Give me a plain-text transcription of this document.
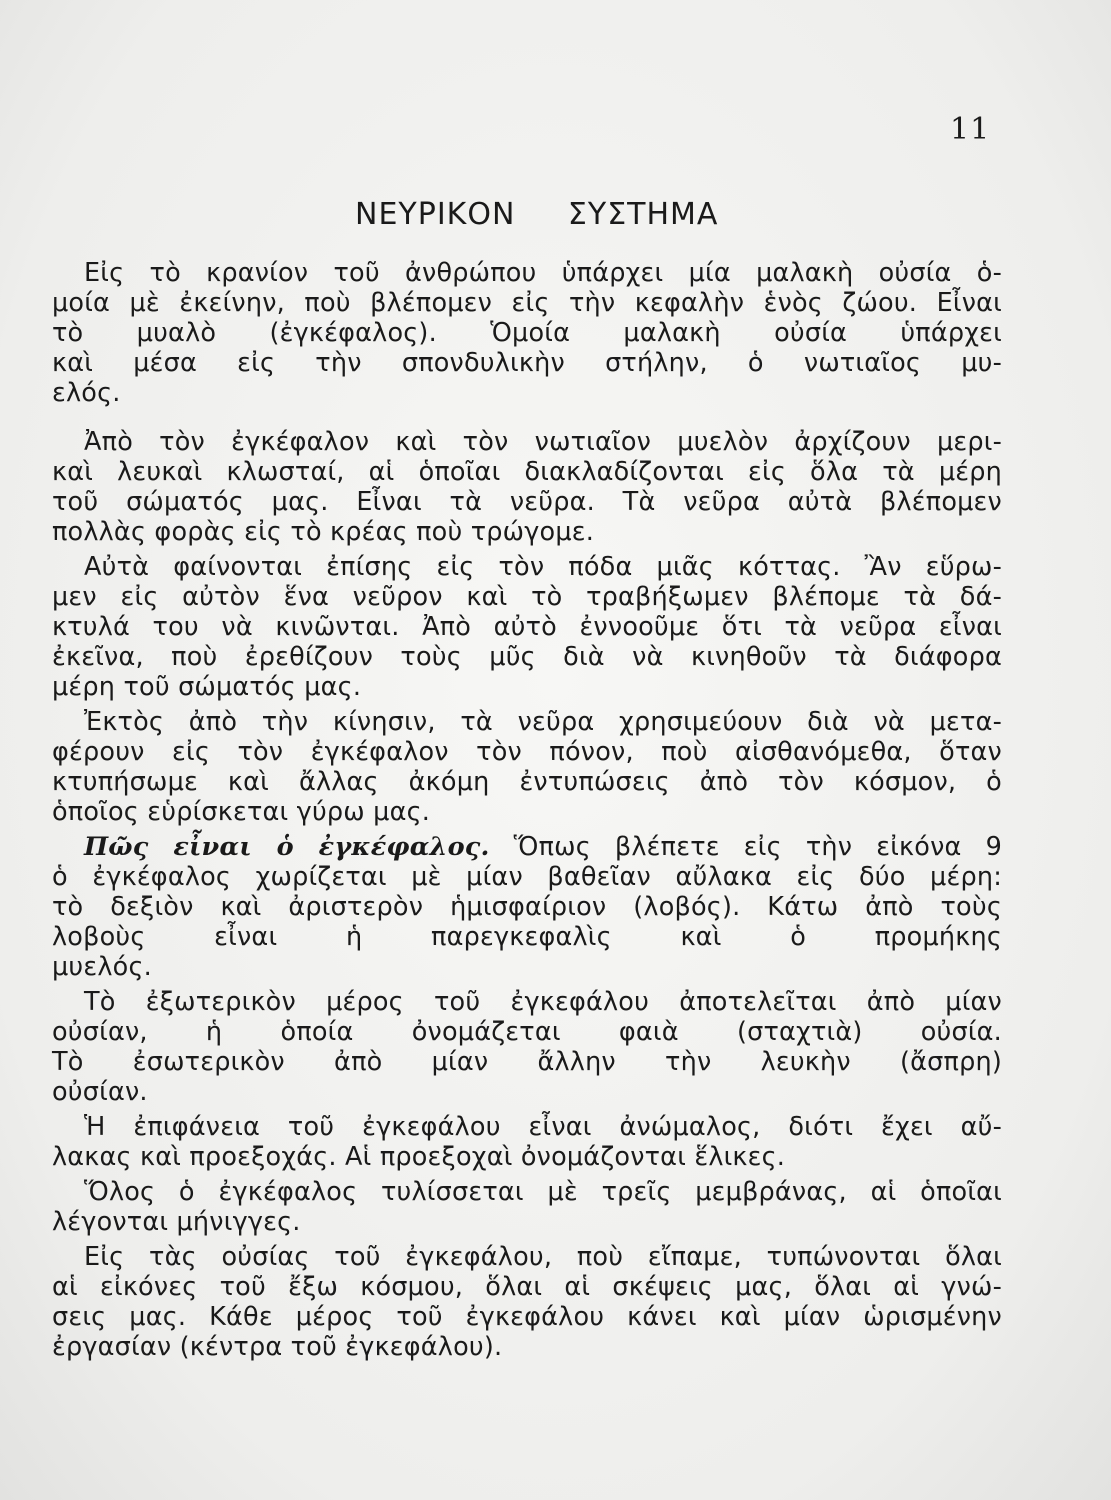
11
ΝΕΥΡΙΚΟΝ ΣΥΣΤΗΜΑ
Εἰς τὸ κρανίον τοῦ ἀνθρώπου ὑπάρχει μία μαλακὴ οὐσία ὁ-
μοία μὲ ἐκείνην, ποὺ βλέπομεν εἰς τὴν κεφαλὴν ἑνὸς ζώου. Εἶναι
τὸ μυαλὸ (ἐγκέφαλος). Ὁμοία μαλακὴ οὐσία ὑπάρχει
καὶ μέσα εἰς τὴν σπονδυλικὴν στήλην, ὁ νωτιαῖος μυ-
ελός.
Ἀπὸ τὸν ἐγκέφαλον καὶ τὸν νωτιαῖον μυελὸν ἀρχίζουν μερι-
καὶ λευκαὶ κλωσταί, αἱ ὁποῖαι διακλαδίζονται εἰς ὅλα τὰ μέρη
τοῦ σώματός μας. Εἶναι τὰ νεῦρα. Τὰ νεῦρα αὐτὰ βλέπομεν
πολλὰς φορὰς εἰς τὸ κρέας ποὺ τρώγομε.
Αὐτὰ φαίνονται ἐπίσης εἰς τὸν πόδα μιᾶς κόττας. Ἂν εὕρω-
μεν εἰς αὐτὸν ἕνα νεῦρον καὶ τὸ τραβήξωμεν βλέπομε τὰ δά-
κτυλά του νὰ κινῶνται. Ἀπὸ αὐτὸ ἐννοοῦμε ὅτι τὰ νεῦρα εἶναι
ἐκεῖνα, ποὺ ἐρεθίζουν τοὺς μῦς διὰ νὰ κινηθοῦν τὰ διάφορα
μέρη τοῦ σώματός μας.
Ἐκτὸς ἀπὸ τὴν κίνησιν, τὰ νεῦρα χρησιμεύουν διὰ νὰ μετα-
φέρουν εἰς τὸν ἐγκέφαλον τὸν πόνον, ποὺ αἰσθανόμεθα, ὅταν
κτυπήσωμε καὶ ἄλλας ἀκόμη ἐντυπώσεις ἀπὸ τὸν κόσμον, ὁ
ὁποῖος εὑρίσκεται γύρω μας.
Πῶς εἶναι ὁ ἐγκέφαλος. Ὅπως βλέπετε εἰς τὴν εἰκόνα 9
ὁ ἐγκέφαλος χωρίζεται μὲ μίαν βαθεῖαν αὔλακα εἰς δύο μέρη:
τὸ δεξιὸν καὶ ἀριστερὸν ἡμισφαίριον (λοβός). Κάτω ἀπὸ τοὺς
λοβοὺς εἶναι ἡ παρεγκεφαλὶς καὶ ὁ προμήκης
μυελός.
Τὸ ἐξωτερικὸν μέρος τοῦ ἐγκεφάλου ἀποτελεῖται ἀπὸ μίαν
οὐσίαν, ἡ ὁποία ὀνομάζεται φαιὰ (σταχτιὰ) οὐσία.
Τὸ ἐσωτερικὸν ἀπὸ μίαν ἄλλην τὴν λευκὴν (ἄσπρη)
οὐσίαν.
Ἡ ἐπιφάνεια τοῦ ἐγκεφάλου εἶναι ἀνώμαλος, διότι ἔχει αὔ-
λακας καὶ προεξοχάς. Αἱ προεξοχαὶ ὀνομάζονται ἕλικες.
Ὅλος ὁ ἐγκέφαλος τυλίσσεται μὲ τρεῖς μεμβράνας, αἱ ὁποῖαι
λέγονται μήνιγγες.
Εἰς τὰς οὐσίας τοῦ ἐγκεφάλου, ποὺ εἴπαμε, τυπώνονται ὅλαι
αἱ εἰκόνες τοῦ ἔξω κόσμου, ὅλαι αἱ σκέψεις μας, ὅλαι αἱ γνώ-
σεις μας. Κάθε μέρος τοῦ ἐγκεφάλου κάνει καὶ μίαν ὡρισμένην
ἐργασίαν (κέντρα τοῦ ἐγκεφάλου).
